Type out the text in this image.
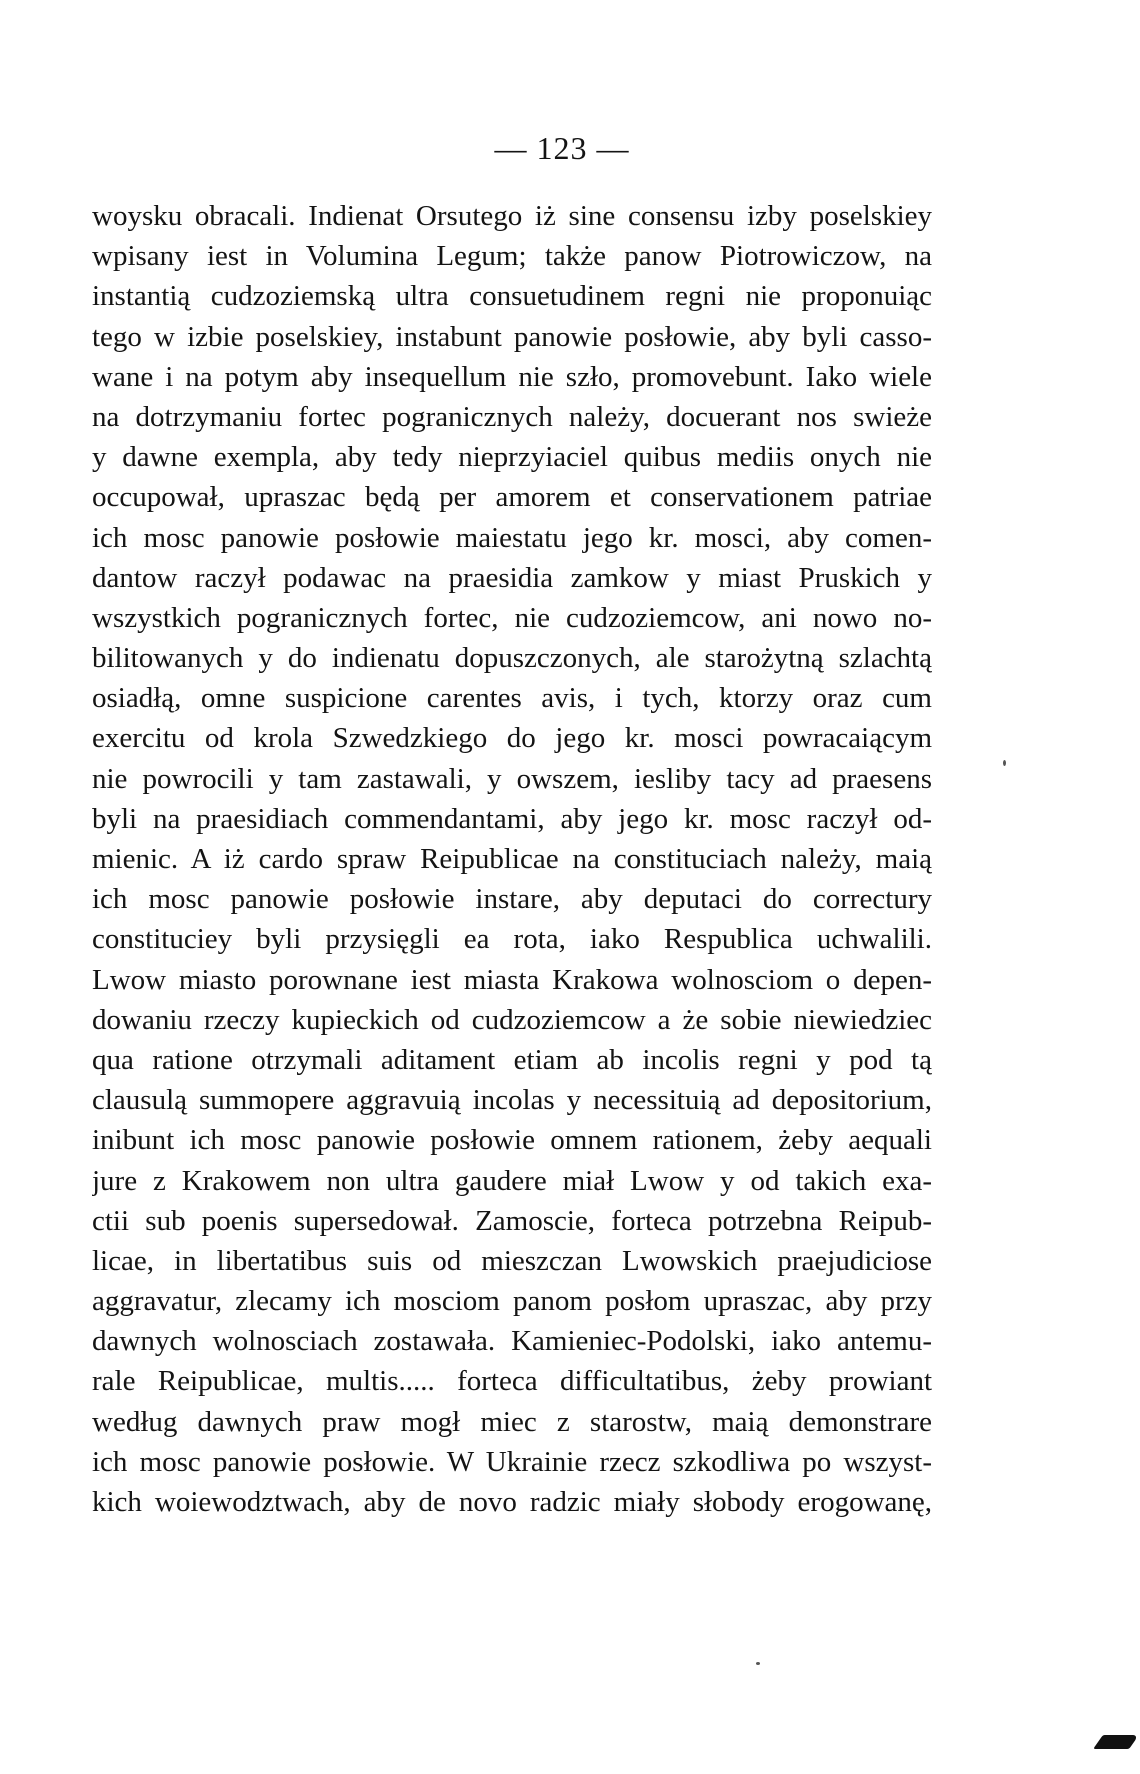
— 123 —
woysku obracali. Indienat Orsutego iż sine consensu izby poselskiey
wpisany iest in Volumina Legum; także panow Piotrowiczow, na
instantią cudzoziemską ultra consuetudinem regni nie proponuiąc
tego w izbie poselskiey, instabunt panowie posłowie, aby byli casso-
wane i na potym aby insequellum nie szło, promovebunt. Iako wiele
na dotrzymaniu fortec pogranicznych należy, docuerant nos swieże
y dawne exempla, aby tedy nieprzyiaciel quibus mediis onych nie
occupował, upraszac będą per amorem et conservationem patriae
ich mosc panowie posłowie maiestatu jego kr. mosci, aby comen-
dantow raczył podawac na praesidia zamkow y miast Pruskich y
wszystkich pogranicznych fortec, nie cudzoziemcow, ani nowo no-
bilitowanych y do indienatu dopuszczonych, ale starożytną szlachtą
osiadłą, omne suspicione carentes avis, i tych, ktorzy oraz cum
exercitu od krola Szwedzkiego do jego kr. mosci powracaiącym
nie powrocili y tam zastawali, y owszem, iesliby tacy ad praesens
byli na praesidiach commendantami, aby jego kr. mosc raczył od-
mienic. A iż cardo spraw Reipublicae na constituciach należy, maią
ich mosc panowie posłowie instare, aby deputaci do correctury
constituciey byli przysięgli ea rota, iako Respublica uchwalili.
Lwow miasto porownane iest miasta Krakowa wolnosciom o depen-
dowaniu rzeczy kupieckich od cudzoziemcow a że sobie niewiedziec
qua ratione otrzymali aditament etiam ab incolis regni y pod tą
clausulą summopere aggravuią incolas y necessituią ad depositorium,
inibunt ich mosc panowie posłowie omnem rationem, żeby aequali
jure z Krakowem non ultra gaudere miał Lwow y od takich exa-
ctii sub poenis supersedował. Zamoscie, forteca potrzebna Reipub-
licae, in libertatibus suis od mieszczan Lwowskich praejudiciose
aggravatur, zlecamy ich mosciom panom posłom upraszac, aby przy
dawnych wolnosciach zostawała. Kamieniec-Podolski, iako antemu-
rale Reipublicae, multis..... forteca difficultatibus, żeby prowiant
według dawnych praw mogł miec z starostw, maią demonstrare
ich mosc panowie posłowie. W Ukrainie rzecz szkodliwa po wszyst-
kich woiewodztwach, aby de novo radzic miały słobody erogowanę,
